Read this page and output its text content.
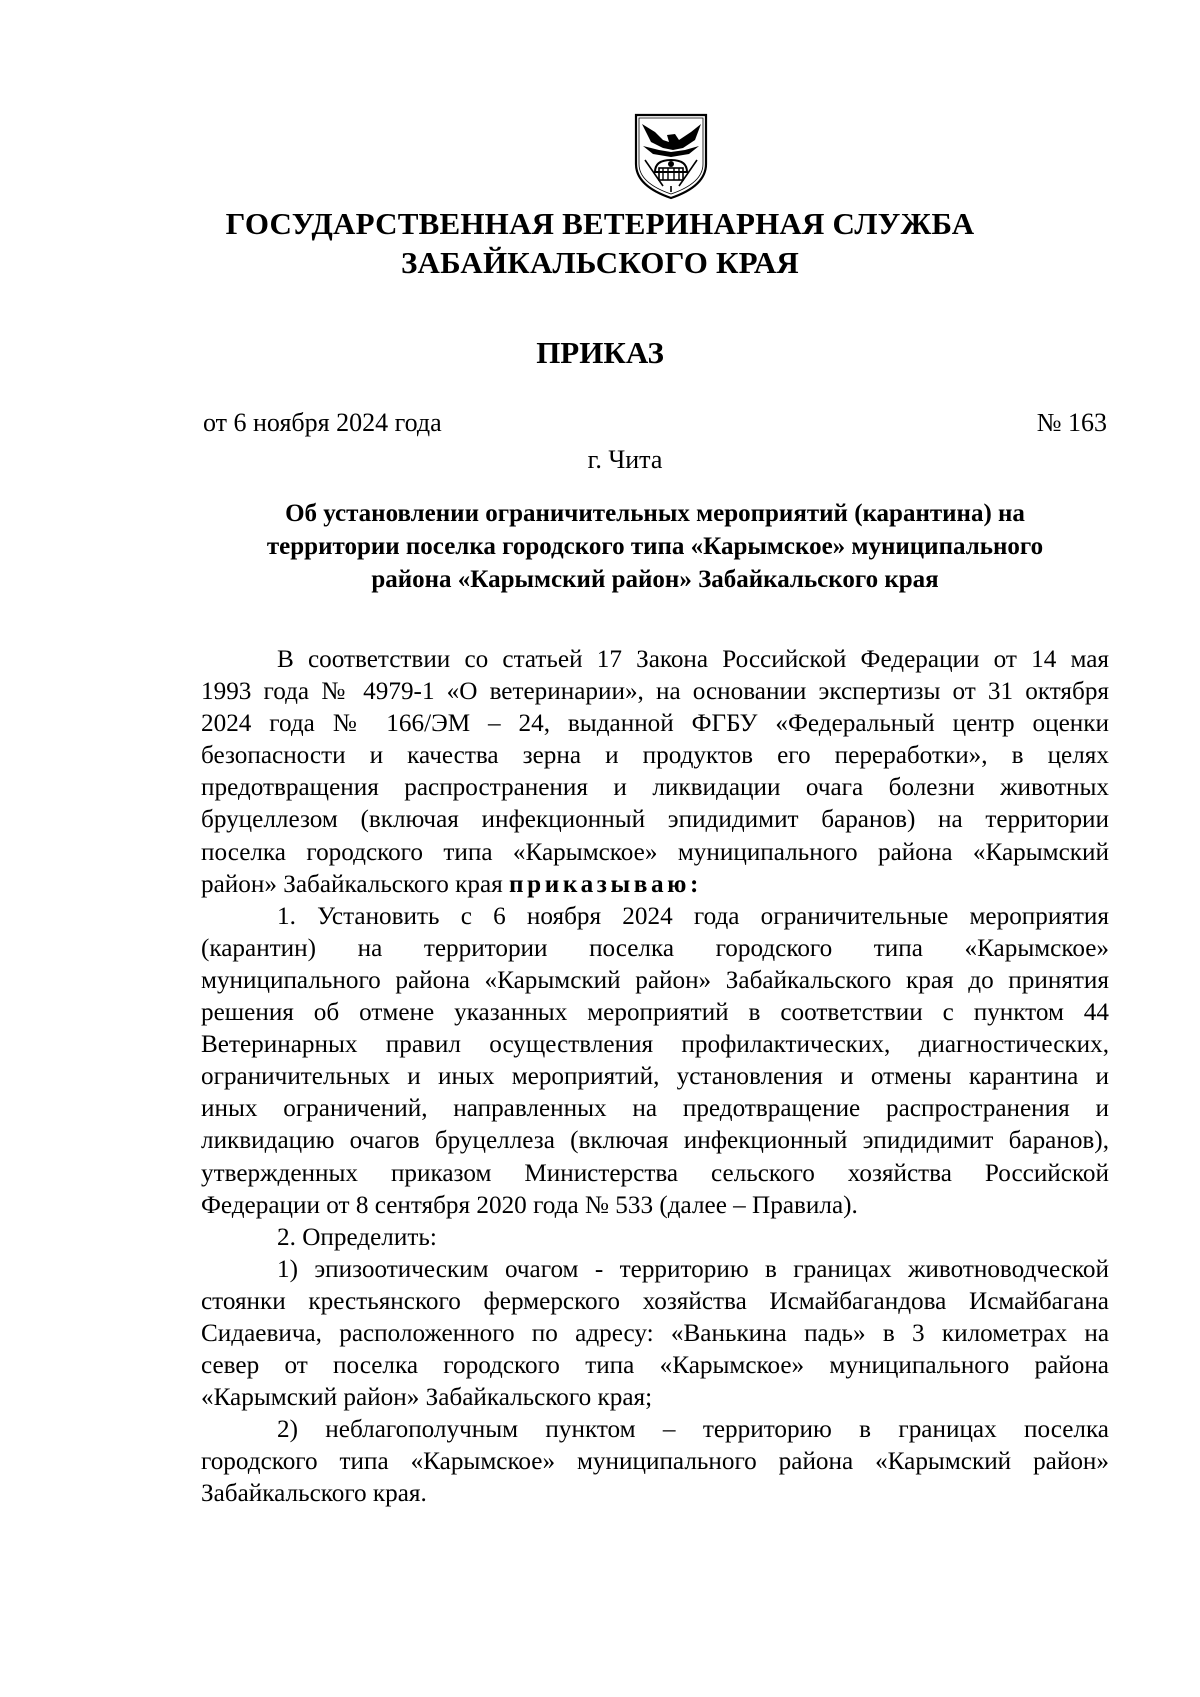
ГОСУДАРСТВЕННАЯ ВЕТЕРИНАРНАЯ СЛУЖБА
ЗАБАЙКАЛЬСКОГО КРАЯ
ПРИКАЗ
от 6 ноября 2024 года	№ 163
г. Чита
Об установлении ограничительных мероприятий (карантина) на
территории поселка городского типа «Карымское» муниципального
района «Карымский район» Забайкальского края
В соответствии со статьей 17 Закона Российской Федерации от 14 мая
1993 года № 4979-1 «О ветеринарии», на основании экспертизы от 31 октября
2024 года № 166/ЭМ – 24, выданной ФГБУ «Федеральный центр оценки
безопасности и качества зерна и продуктов его переработки», в целях
предотвращения распространения и ликвидации очага болезни животных
бруцеллезом (включая инфекционный эпидидимит баранов) на территории
поселка городского типа «Карымское» муниципального района «Карымский
район» Забайкальского края приказываю:
1. Установить с 6 ноября 2024 года ограничительные мероприятия
(карантин) на территории поселка городского типа «Карымское»
муниципального района «Карымский район» Забайкальского края до принятия
решения об отмене указанных мероприятий в соответствии с пунктом 44
Ветеринарных правил осуществления профилактических, диагностических,
ограничительных и иных мероприятий, установления и отмены карантина и
иных ограничений, направленных на предотвращение распространения и
ликвидацию очагов бруцеллеза (включая инфекционный эпидидимит баранов),
утвержденных приказом Министерства сельского хозяйства Российской
Федерации от 8 сентября 2020 года № 533 (далее – Правила).
2. Определить:
1) эпизоотическим очагом - территорию в границах животноводческой
стоянки крестьянского фермерского хозяйства Исмайбагандова Исмайбагана
Сидаевича, расположенного по адресу: «Ванькина падь» в 3 километрах на
север от поселка городского типа «Карымское» муниципального района
«Карымский район» Забайкальского края;
2) неблагополучным пунктом – территорию в границах поселка
городского типа «Карымское» муниципального района «Карымский район»
Забайкальского края.
